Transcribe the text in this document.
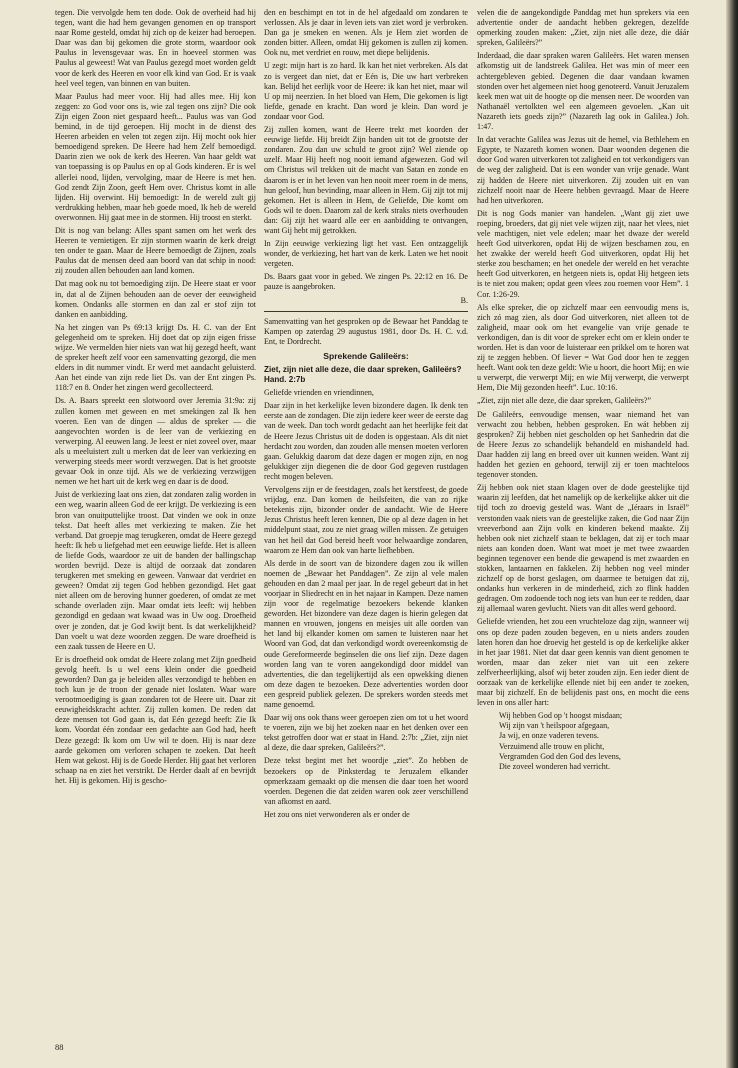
tegen. Die vervolgde hem ten dode. Ook de overheid had hij tegen, want die had hem gevangen genomen en op transport naar Rome gesteld, omdat hij zich op de keizer had beroepen. Daar was dan bij gekomen die grote storm, waardoor ook Paulus in levensgevaar was. En in hoeveel stormen was Paulus al geweest! Wat van Paulus gezegd moet worden geldt voor de kerk des Heeren en voor elk kind van God. Er is vaak heel veel tegen, van binnen en van buiten.

Maar Paulus had meer voor. Hij had alles mee. Hij kon zeggen: zo God voor ons is, wie zal tegen ons zijn? Die ook Zijn eigen Zoon niet gespaard heeft... Paulus was van God bemind, in de tijd geroepen. Hij mocht in de dienst des Heeren arbeiden en velen tot zegen zijn. Hij mocht ook hier bemoedigend spreken. De Heere had hem Zelf bemoedigd. Daarin zien we ook de kerk des Heeren. Van haar geldt wat van toepassing is op Paulus en op al Gods kinderen. Er is wel allerlei nood, lijden, vervolging, maar de Heere is met hen. God zendt Zijn Zoon, geeft Hem over. Christus komt in alle lijden. Hij overwint. Hij bemoedigt: In de wereld zult gij verdrukking hebben, maar heb goede moed, Ik heb de wereld overwonnen. Hij gaat mee in de stormen. Hij troost en sterkt.

Dit is nog van belang: Alles spant samen om het werk des Heeren te vernietigen. Er zijn stormen waarin de kerk dreigt ten onder te gaan. Maar de Heere bemoedigt de Zijnen, zoals Paulus dat de mensen deed aan boord van dat schip in nood: zij zouden allen behouden aan land komen.

Dat mag ook nu tot bemoediging zijn. De Heere staat er voor in, dat al de Zijnen behouden aan de oever der eeuwigheid komen. Ondanks alle stormen en dan zal er stof zijn tot danken en aanbidding.

Na het zingen van Ps 69:13 krijgt Ds. H. C. van der Ent gelegenheid om te spreken. Hij doet dat op zijn eigen frisse wijze. We vermelden hier niets van wat hij gezegd heeft, want de spreker heeft zelf voor een samenvatting gezorgd, die men elders in dit nummer vindt. Er werd met aandacht geluisterd. Aan het einde van zijn rede liet Ds. van der Ent zingen Ps. 118:7 en 8. Onder het zingen werd gecollecteerd.

Ds. A. Baars spreekt een slotwoord over Jeremia 31:9a: zij zullen komen met geween en met smekingen zal Ik hen voeren. Een van de dingen — aldus de spreker — die aangevochten worden is de leer van de verkiezing en verwerping. Al eeuwen lang. Je leest er niet zoveel over, maar als u meeluistert zult u merken dat de leer van verkiezing en verwerping steeds meer wordt verzwegen. Dat is het grootste gevaar Ook in onze tijd. Als we de verkiezing verzwijgen nemen we het hart uit de kerk weg en daar is de dood.

Juist de verkiezing laat ons zien, dat zondaren zalig worden in een weg, waarin alleen God de eer krijgt. De verkiezing is een bron van onuitputtelijke troost. Dat vinden we ook in onze tekst. Dat heeft alles met verkiezing te maken. Zie het verband. Dat groepje mag terugkeren, omdat de Heere gezegd heeft: Ik heb u liefgehad met een eeuwige liefde. Het is alleen de liefde Gods, waardoor ze uit de banden der ballingschap worden bevrijd. Deze is altijd de oorzaak dat zondaren terugkeren met smeking en geween. Vanwaar dat verdriet en geween? Omdat zij tegen God hebben gezondigd. Het gaat niet alleen om de beroving hunner goederen, of omdat ze met schande overladen zijn. Maar omdat iets leeft: wij hebben gezondigd en gedaan wat kwaad was in Uw oog. Droefheid over je zonden, dat je God kwijt bent. Is dat werkelijkheid? Dan voelt u wat deze woorden zeggen. De ware droefheid is een zaak tussen de Heere en U.

Er is droefheid ook omdat de Heere zolang met Zijn goedheid gevolg heeft. Is u wel eens klein onder die goedheid geworden? Dan ga je beleiden alles verzondigd te hebben en toch kun je de troon der genade niet loslaten. Waar ware verootmoediging is gaan zondaren tot de Heere uit. Daar zit eeuwigheidskracht achter. Zij zullen komen. De reden dat deze mensen tot God gaan is, dat Eén gezegd heeft: Zie Ik kom. Voordat één zondaar een gedachte aan God had, heeft Deze gezegd: Ik kom om Uw wil te doen. Hij is naar deze aarde gekomen om verloren schapen te zoeken. Dat heeft Hem wat gekost. Hij is de Goede Herder. Hij gaat het verloren schaap na en ziet het verstrikt. De Herder daalt af en bevrijdt het. Hij is gekomen. Hij is gescho-

den en beschimpt en tot in de hel afgedaald om zondaren te verlossen. Als je daar in leven iets van ziet word je verbroken. Dan ga je smeken en wenen. Als je Hem ziet worden de zonden bitter. Alleen, omdat Hij gekomen is zullen zij komen. Ook nu, met verdriet en rouw, met diepe belijdenis.

U zegt: mijn hart is zo hard. Ik kan het niet verbreken. Als dat zo is vergeet dan niet, dat er Eén is, Die uw hart verbreken kan. Belijd het eerlijk voor de Heere: ik kan het niet, maar wil U op mij neerzien. In het bloed van Hem, Die gekomen is ligt liefde, genade en kracht. Dan word je klein. Dan word je zondaar voor God.

Zij zullen komen, want de Heere trekt met koorden der eeuwige liefde. Hij breidt Zijn handen uit tot de grootste der zondaren. Zou dan uw schuld te groot zijn? Wel ziende op uzelf. Maar Hij heeft nog nooit iemand afgewezen. God wil om Christus wil trekken uit de macht van Satan en zonde en daarom is er in het leven van hen nooit meer roem in de mens, hun geloof, hun bevinding, maar alleen in Hem. Gij zijt tot mij gekomen. Het is alleen in Hem, de Geliefde, Die komt om Gods wil te doen. Daarom zal de kerk straks niets overhouden dan: Gij zijt het waard alle eer en aanbidding te ontvangen, want Gij hebt mij getrokken.

In Zijn eeuwige verkiezing ligt het vast. Een ontzaggelijk wonder, de verkiezing, het hart van de kerk. Laten we het nooit vergeten.

Ds. Baars gaat voor in gebed. We zingen Ps. 22:12 en 16. De pauze is aangebroken.

B.

Samenvatting van het gesproken op de Bewaar het Panddag te Kampen op zaterdag 29 augustus 1981, door Ds. H. C. v.d. Ent, te Dordrecht.

Sprekende Galileërs:
Ziet, zijn niet alle deze, die daar spreken, Galileërs? Hand. 2:7b

Geliefde vrienden en vriendinnen,

Daar zijn in het kerkelijke leven bizondere dagen. Ik denk ten eerste aan de zondagen. Die zijn iedere keer weer de eerste dag van de week. Dan toch wordt gedacht aan het heerlijke feit dat de Heere Jezus Christus uit de doden is opgestaan. Als dit niet herdacht zou worden, dan zouden alle mensen moeten verloren gaan. Gelukkig daarom dat deze dagen er mogen zijn, en nog gelukkiger zijn diegenen die de door God gegeven rustdagen recht mogen beleven.

Vervolgens zijn er de feestdagen, zoals het kerstfeest, de goede vrijdag, enz. Dan komen de heilsfeiten, die van zo rijke betekenis zijn, bizonder onder de aandacht. Wie de Heere Jezus Christus heeft leren kennen, Die op al deze dagen in het middelpunt staat, zou ze niet graag willen missen. Ze getuigen van het heil dat God bereid heeft voor helwaardige zondaren, waarom ze Hem dan ook van harte liefhebben.

Als derde in de soort van de bizondere dagen zou ik willen noemen de „Bewaar het Panddagen”. Ze zijn al vele malen gehouden en dan 2 maal per jaar. In de regel gebeurt dat in het voorjaar in Sliedrecht en in het najaar in Kampen. Deze namen zijn voor de regelmatige bezoekers bekende klanken geworden. Het bizondere van deze dagen is hierin gelegen dat mannen en vrouwen, jongens en meisjes uit alle oorden van het land bij elkander komen om samen te luisteren naar het Woord van God, dat dan verkondigd wordt overeenkomstig de oude Gereformeerde beginselen die ons lief zijn. Deze dagen worden lang van te voren aangekondigd door middel van advertenties, die dan tegelijkertijd als een opwekking dienen om deze dagen te bezoeken. Deze advertenties worden door een gespreid publiek gelezen. De sprekers worden steeds met name genoemd.

Daar wij ons ook thans weer geroepen zien om tot u het woord te voeren, zijn we bij het zoeken naar en het denken over een tekst getroffen door wat er staat in Hand. 2:7b: „Ziet, zijn niet al deze, die daar spreken, Galileërs?”.

Deze tekst begint met het woordje „ziet”. Zo hebben de bezoekers op de Pinksterdag te Jeruzalem elkander opmerkzaam gemaakt op die mensen die daar toen het woord voerden. Degenen die dat zeiden waren ook zeer verschillend van afkomst en aard.

Het zou ons niet verwonderen als er onder de

velen die de aangekondigde Panddag met hun sprekers via een advertentie onder de aandacht hebben gekregen, dezelfde opmerking zouden maken: „Ziet, zijn niet alle deze, die dáár spreken, Galileërs?”

Inderdaad, die daar spraken waren Galileërs. Het waren mensen afkomstig uit de landstreek Galilea. Het was min of meer een achtergebleven gebied. Degenen die daar vandaan kwamen stonden over het algemeen niet hoog genoteerd. Vanuit Jeruzalem keek men wat uit de hoogte op die mensen neer. De woorden van Nathanaël vertolkten wel een algemeen gevoelen. „Kan uit Nazareth iets goeds zijn?” (Nazareth lag ook in Galilea.) Joh. 1:47.

In dat verachte Galilea was Jezus uit de hemel, via Bethlehem en Egypte, te Nazareth komen wonen. Daar woonden degenen die door God waren uitverkoren tot zaligheid en tot verkondigers van de weg der zaligheid. Dat is een wonder van vrije genade. Want zij hadden de Heere niet uitverkoren. Zij zouden uit en van zichzelf nooit naar de Heere hebben gevraagd. Maar de Heere had hen uitverkoren.

Dit is nog Gods manier van handelen. „Want gij ziet uwe roeping, broeders, dat gij niet vele wijzen zijt, naar het vlees, niet vele machtigen, niet vele edelen; maar het dwaze der wereld heeft God uitverkoren, opdat Hij de wijzen beschamen zou, en het zwakke der wereld heeft God uitverkoren, opdat Hij het sterke zou beschamen; en het onedele der wereld en het verachte heeft God uitverkoren, en hetgeen niets is, opdat Hij hetgeen iets is te niet zou maken; opdat geen vlees zou roemen voor Hem”. 1 Cor. 1:26-29.

Als elke spreker, die op zichzelf maar een eenvoudig mens is, zich zó mag zien, als door God uitverkoren, niet alleen tot de zaligheid, maar ook om het evangelie van vrije genade te verkondigen, dan is dit voor de spreker echt om er klein onder te worden. Het is dan voor de luisteraar een prikkel om te horen wat zij te zeggen hebben. Of liever = Wat God door hen te zeggen heeft. Want ook ten deze geldt: Wie u hoort, die hoort Mij; en wie u verwerpt, die verwerpt Mij; en wie Mij verwerpt, die verwerpt Hem, Die Mij gezonden heeft”. Luc. 10:16.

„Ziet, zijn niet alle deze, die daar spreken, Galileërs?”

De Galileërs, eenvoudige mensen, waar niemand het van verwacht zou hebben, hebben gesproken. En wát hebben zij gesproken? Zij hebben niet gescholden op het Sanhedrin dat die de Heere Jezus zo schandelijk behandeld en mishandeld had. Daar hadden zij lang en breed over uit kunnen weiden. Want zij hadden het gezien en gehoord, terwijl zij er toen machteloos tegenover stonden.

Zij hebben ook niet staan klagen over de dode geestelijke tijd waarin zij leefden, dat het namelijk op de kerkelijke akker uit die tijd toch zo droevig gesteld was. Want de „Iéraars in Israël” verstonden vaak niets van de geestelijke zaken, die God naar Zijn vreeverbond aan Zijn volk en kinderen bekend maakte. Zij hebben ook niet zichzelf staan te beklagen, dat zij er toch maar niets aan konden doen. Want wat moet je met twee zwaarden beginnen tegenover een bende die gewapend is met zwaarden en stokken, lantaarnen en fakkelen. Zij hebben nog veel minder zichzelf op de borst geslagen, om daarmee te betuigen dat zij, ondanks hun verkeren in de minderheid, zich zo flink hadden gedragen. Om zodoende toch nog iets van hun eer te redden, daar zij allemaal waren gevlucht. Niets van dit alles werd gehoord.

Geliefde vrienden, het zou een vruchteloze dag zijn, wanneer wij ons op deze paden zouden begeven, en u niets anders zouden laten horen dan hoe droevig het gesteld is op de kerkelijke akker in het jaar 1981. Niet dat daar geen kennis van dient genomen te worden, maar dan zeker niet van uit een zekere zelfverheerlijking, alsof wij beter zouden zijn. Een ieder dient de oorzaak van de kerkelijke ellende niet bij een ander te zoeken, maar bij zichzelf. En de belijdenis past ons, en mocht die eens leven in ons aller hart:

Wij hebben God op 't hoogst misdaan;
Wij zijn van 't heilspoor afgegaan,
Ja wij, en onze vaderen tevens.
Verzuimend alle trouw en plicht,
Vergramden God den God des levens,
Die zoveel wonderen had verricht.
88
